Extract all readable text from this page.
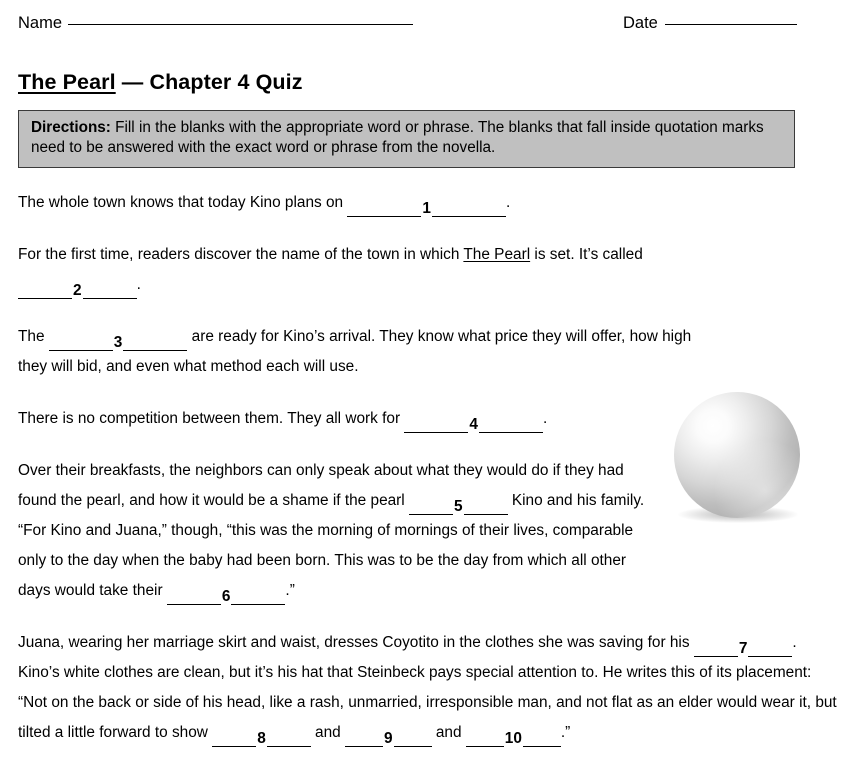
Name	Date
The Pearl — Chapter 4 Quiz
Directions: Fill in the blanks with the appropriate word or phrase. The blanks that fall inside quotation marks need to be answered with the exact word or phrase from the novella.

The whole town knows that today Kino plans on	1	.

For the first time, readers discover the name of the town in which The Pearl is set. It’s called
2	.

The	3	are ready for Kino’s arrival. They know what price they will offer, how high they will bid, and even what method each will use.

There is no competition between them. They all work for	4	.

Over their breakfasts, the neighbors can only speak about what they would do if they had found the pearl, and how it would be a shame if the pearl	5	Kino and his family. “For Kino and Juana,” though, “this was the morning of mornings of their lives, comparable only to the day when the baby had been born. This was to be the day from which all other days would take their	6	.”

Juana, wearing her marriage skirt and waist, dresses Coyotito in the clothes she was saving for his	7	. Kino’s white clothes are clean, but it’s his hat that Steinbeck pays special attention to. He writes this of its placement: “Not on the back or side of his head, like a rash, unmarried, irresponsible man, and not flat as an elder would wear it, but tilted a little forward to show	8	and	9	and	10	.”
